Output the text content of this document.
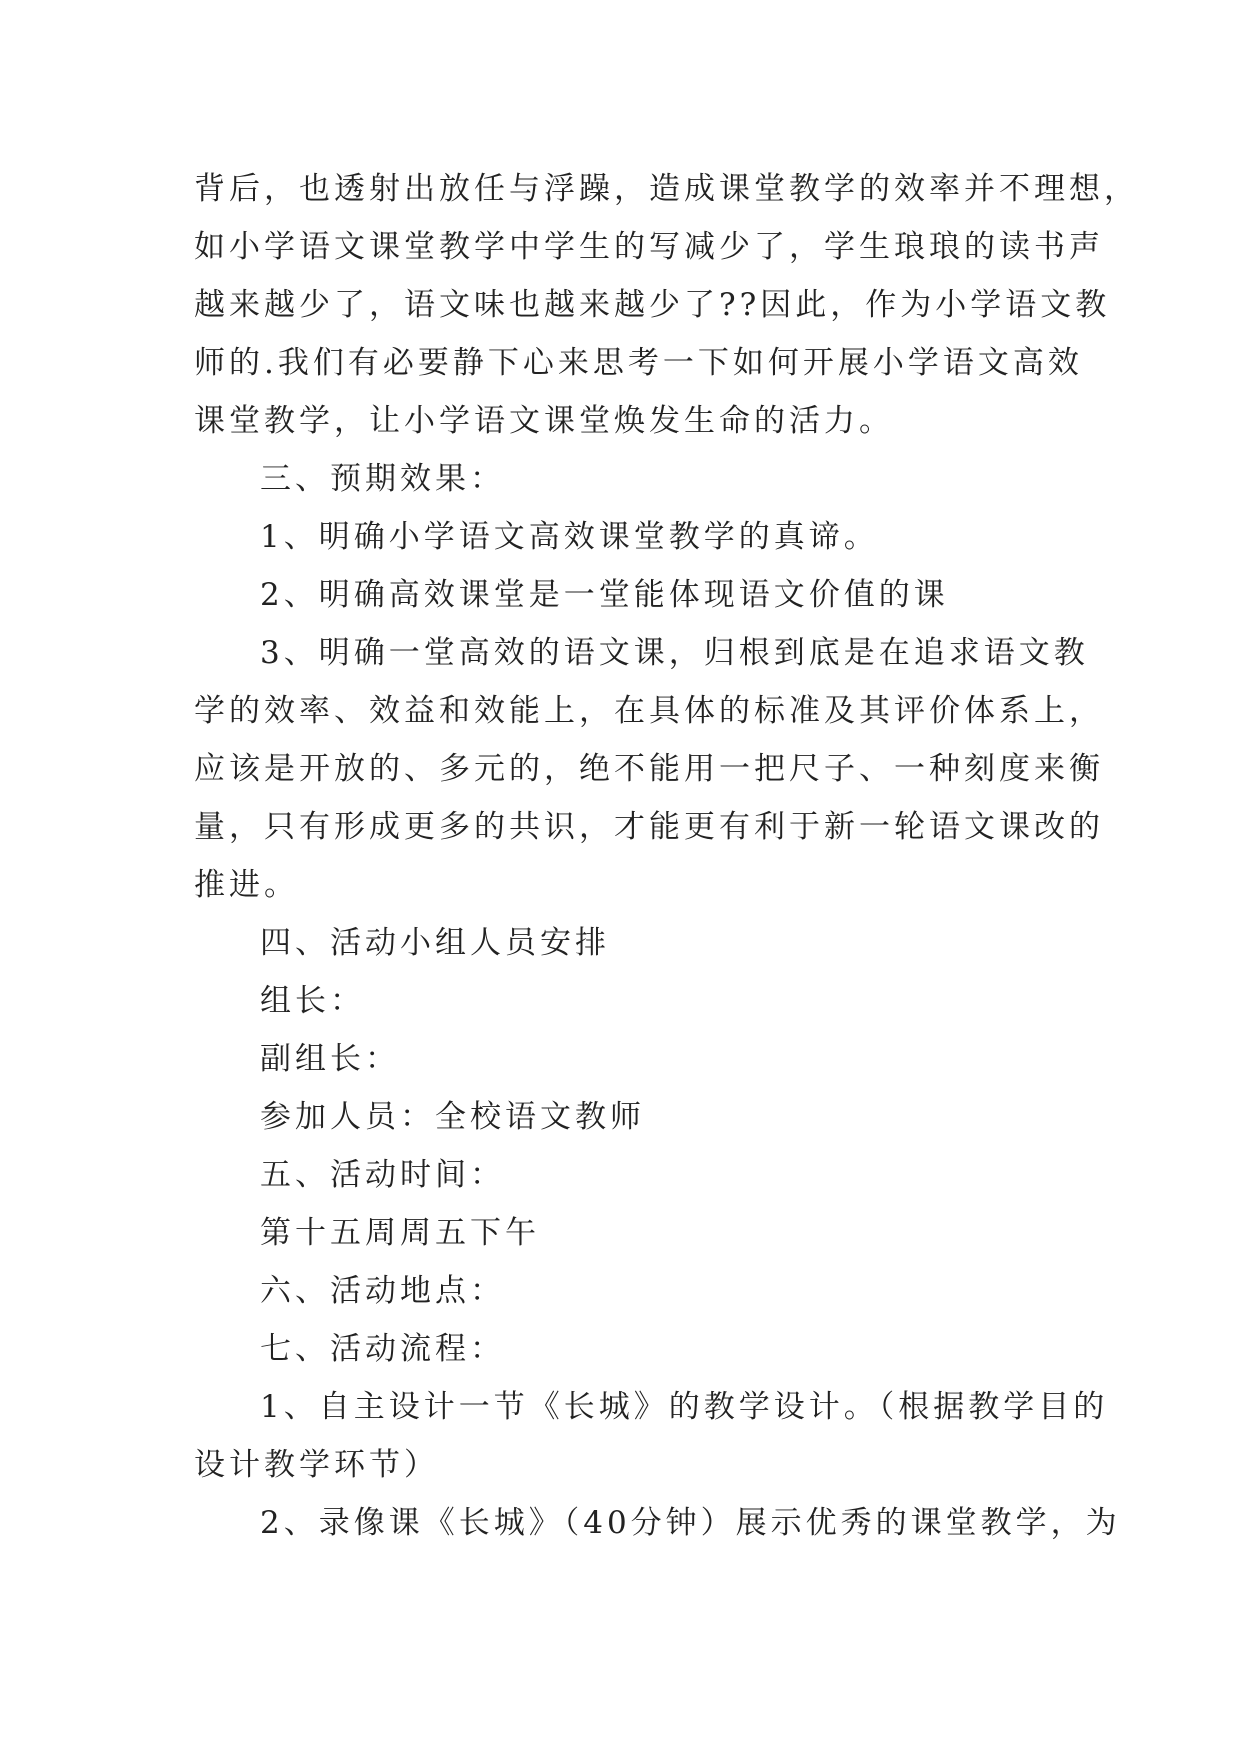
背后，也透射出放任与浮躁，造成课堂教学的效率并不理想，
如小学语文课堂教学中学生的写减少了，学生琅琅的读书声
越来越少了，语文味也越来越少了??因此，作为小学语文教
师的.我们有必要静下心来思考一下如何开展小学语文高效
课堂教学，让小学语文课堂焕发生命的活力。
三、预期效果：
1、明确小学语文高效课堂教学的真谛。
2、明确高效课堂是一堂能体现语文价值的课
3、明确一堂高效的语文课，归根到底是在追求语文教
学的效率、效益和效能上，在具体的标准及其评价体系上，
应该是开放的、多元的，绝不能用一把尺子、一种刻度来衡
量，只有形成更多的共识，才能更有利于新一轮语文课改的
推进。
四、活动小组人员安排
组长：
副组长：
参加人员：全校语文教师
五、活动时间：
第十五周周五下午
六、活动地点：
七、活动流程：
1、自主设计一节《长城》的教学设计。（根据教学目的
设计教学环节）
2、录像课《长城》（40分钟）展示优秀的课堂教学，为
